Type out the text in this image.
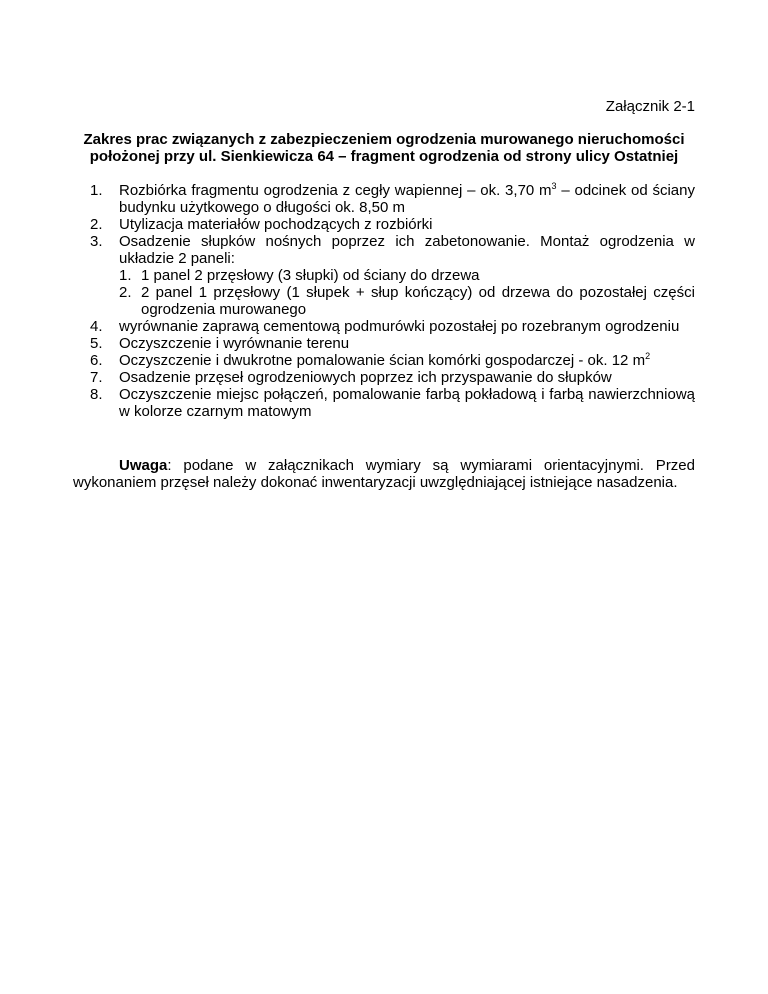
Załącznik 2-1
Zakres prac związanych z zabezpieczeniem ogrodzenia murowanego nieruchomości
położonej przy ul. Sienkiewicza 64 – fragment ogrodzenia od strony ulicy Ostatniej
1. Rozbiórka fragmentu ogrodzenia z cegły wapiennej – ok. 3,70 $m^3$ – odcinek od ściany budynku użytkowego o długości ok. 8,50 m
2. Utylizacja materiałów pochodzących z rozbiórki
3. Osadzenie słupków nośnych poprzez ich zabetonowanie. Montaż ogrodzenia w układzie 2 paneli:
1. 1 panel 2 przęsłowy (3 słupki) od ściany do drzewa
2. 2 panel 1 przęsłowy (1 słupek + słup kończący) od drzewa do pozostałej części ogrodzenia murowanego
4. wyrównanie zaprawą cementową podmurówki pozostałej po rozebranym ogrodzeniu
5. Oczyszczenie i wyrównanie terenu
6. Oczyszczenie i dwukrotne pomalowanie ścian komórki gospodarczej - ok. 12 $m^2$
7. Osadzenie przęseł ogrodzeniowych poprzez ich przyspawanie do słupków
8. Oczyszczenie miejsc połączeń, pomalowanie farbą pokładową i farbą nawierzchniową w kolorze czarnym matowym
Uwaga: podane w załącznikach wymiary są wymiarami orientacyjnymi. Przed wykonaniem przęseł należy dokonać inwentaryzacji uwzględniającej istniejące nasadzenia.
